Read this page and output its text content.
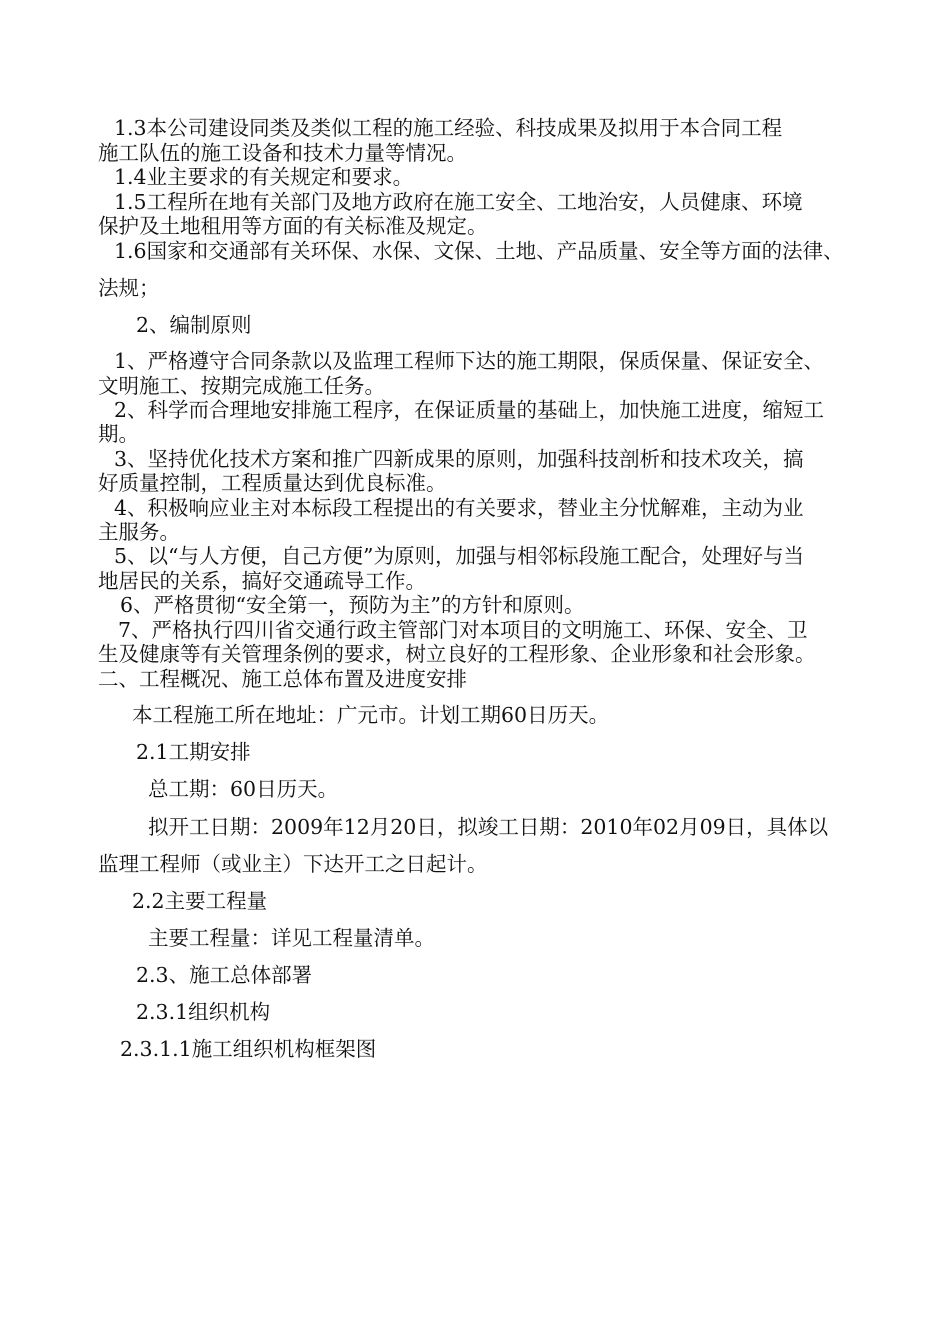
1.3本公司建设同类及类似工程的施工经验、科技成果及拟用于本合同工程
施工队伍的施工设备和技术力量等情况。
1.4业主要求的有关规定和要求。
1.5工程所在地有关部门及地方政府在施工安全、工地治安，人员健康、环境
保护及土地租用等方面的有关标准及规定。
1.6国家和交通部有关环保、水保、文保、土地、产品质量、安全等方面的法律、
法规；
2、编制原则
1、严格遵守合同条款以及监理工程师下达的施工期限，保质保量、保证安全、
文明施工、按期完成施工任务。
2、科学而合理地安排施工程序，在保证质量的基础上，加快施工进度，缩短工
期。
3、坚持优化技术方案和推广四新成果的原则，加强科技剖析和技术攻关，搞
好质量控制，工程质量达到优良标准。
4、积极响应业主对本标段工程提出的有关要求，替业主分忧解难，主动为业
主服务。
5、以“与人方便，自己方便”为原则，加强与相邻标段施工配合，处理好与当
地居民的关系，搞好交通疏导工作。
6、严格贯彻“安全第一，预防为主”的方针和原则。
7、严格执行四川省交通行政主管部门对本项目的文明施工、环保、安全、卫
生及健康等有关管理条例的要求，树立良好的工程形象、企业形象和社会形象。
二、工程概况、施工总体布置及进度安排
本工程施工所在地址：广元市。计划工期60日历天。
2.1工期安排
总工期：60日历天。
拟开工日期：2009年12月20日，拟竣工日期：2010年02月09日，具体以
监理工程师（或业主）下达开工之日起计。
2.2主要工程量
主要工程量：详见工程量清单。
2.3、施工总体部署
2.3.1组织机构
2.3.1.1施工组织机构框架图
